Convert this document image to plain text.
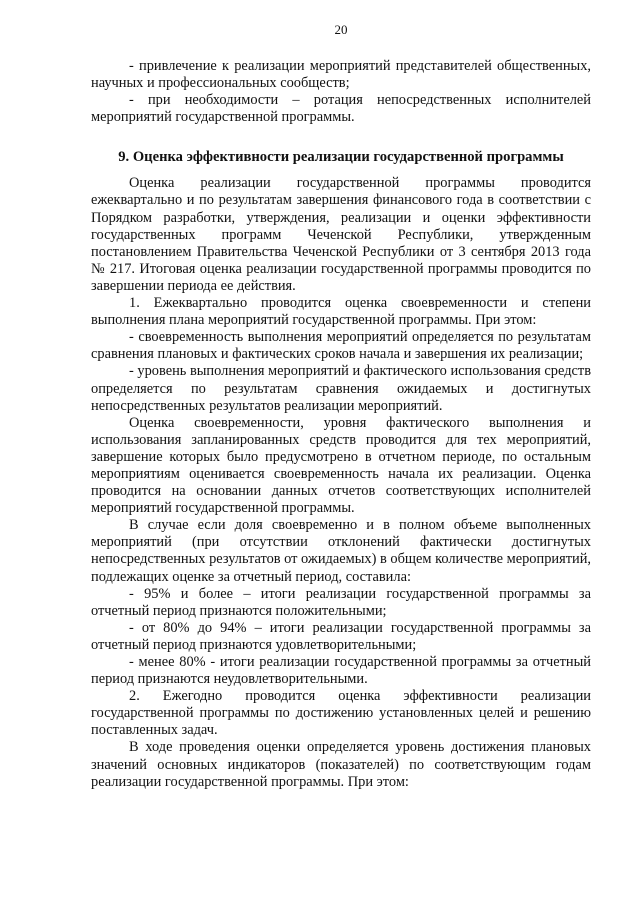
20

- привлечение к реализации мероприятий представителей общественных, научных и профессиональных сообществ;

- при необходимости – ротация непосредственных исполнителей мероприятий государственной программы.

9. Оценка эффективности реализации государственной программы

Оценка реализации государственной программы проводится ежеквартально и по результатам завершения финансового года в соответствии с Порядком разработки, утверждения, реализации и оценки эффективности государственных программ Чеченской Республики, утвержденным постановлением Правительства Чеченской Республики от 3 сентября 2013 года № 217. Итоговая оценка реализации государственной программы проводится по завершении периода ее действия.

1. Ежеквартально проводится оценка своевременности и степени выполнения плана мероприятий государственной программы. При этом:

- своевременность выполнения мероприятий определяется по результатам сравнения плановых и фактических сроков начала и завершения их реализации;

- уровень выполнения мероприятий и фактического использования средств определяется по результатам сравнения ожидаемых и достигнутых непосредственных результатов реализации мероприятий.

Оценка своевременности, уровня фактического выполнения и использования запланированных средств проводится для тех мероприятий, завершение которых было предусмотрено в отчетном периоде, по остальным мероприятиям оценивается своевременность начала их реализации. Оценка проводится на основании данных отчетов соответствующих исполнителей мероприятий государственной программы.

В случае если доля своевременно и в полном объеме выполненных мероприятий (при отсутствии отклонений фактически достигнутых непосредственных результатов от ожидаемых) в общем количестве мероприятий, подлежащих оценке за отчетный период, составила:

- 95% и более – итоги реализации государственной программы за отчетный период признаются положительными;

- от 80% до 94% – итоги реализации государственной программы за отчетный период признаются удовлетворительными;

- менее 80% - итоги реализации государственной программы за отчетный период признаются неудовлетворительными.

2. Ежегодно проводится оценка эффективности реализации государственной программы по достижению установленных целей и решению поставленных задач.

В ходе проведения оценки определяется уровень достижения плановых значений основных индикаторов (показателей) по соответствующим годам реализации государственной программы. При этом:
